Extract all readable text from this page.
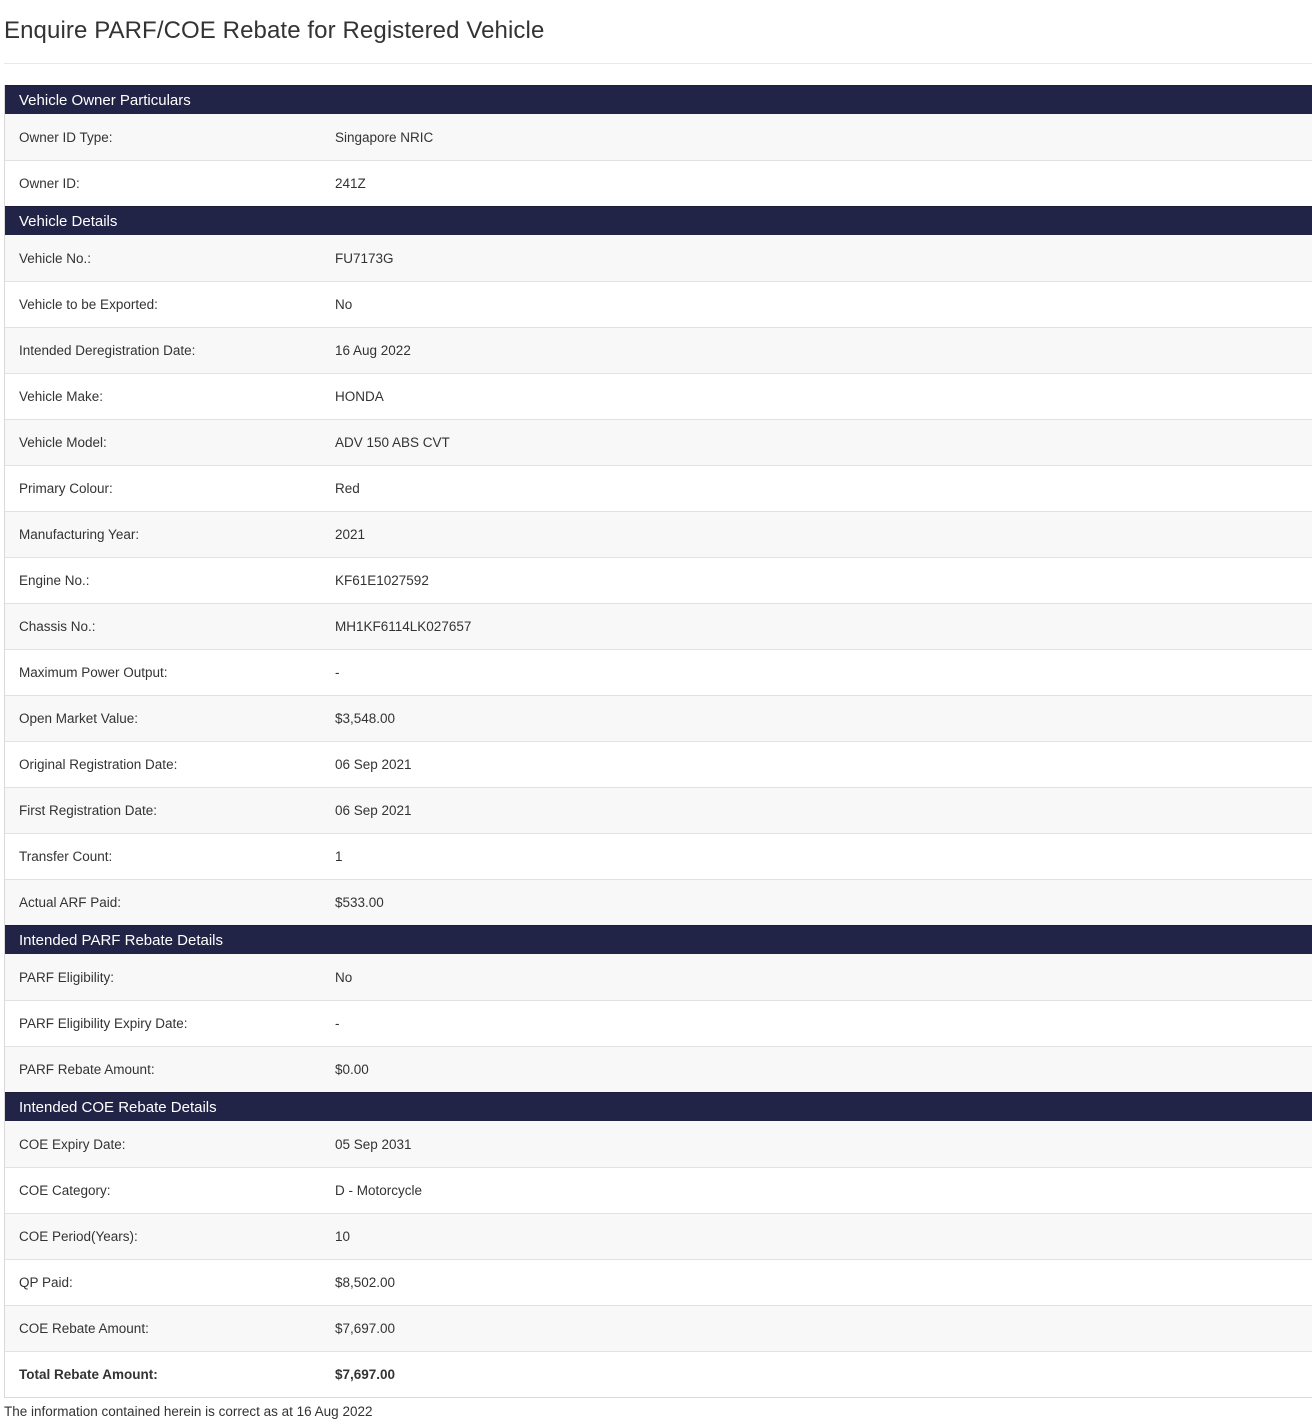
Enquire PARF/COE Rebate for Registered Vehicle
Vehicle Owner Particulars
Owner ID Type:	Singapore NRIC
Owner ID:	241Z
Vehicle Details
Vehicle No.:	FU7173G
Vehicle to be Exported:	No
Intended Deregistration Date:	16 Aug 2022
Vehicle Make:	HONDA
Vehicle Model:	ADV 150 ABS CVT
Primary Colour:	Red
Manufacturing Year:	2021
Engine No.:	KF61E1027592
Chassis No.:	MH1KF6114LK027657
Maximum Power Output:	-
Open Market Value:	$3,548.00
Original Registration Date:	06 Sep 2021
First Registration Date:	06 Sep 2021
Transfer Count:	1
Actual ARF Paid:	$533.00
Intended PARF Rebate Details
PARF Eligibility:	No
PARF Eligibility Expiry Date:	-
PARF Rebate Amount:	$0.00
Intended COE Rebate Details
COE Expiry Date:	05 Sep 2031
COE Category:	D - Motorcycle
COE Period(Years):	10
QP Paid:	$8,502.00
COE Rebate Amount:	$7,697.00
Total Rebate Amount:	$7,697.00
The information contained herein is correct as at 16 Aug 2022
